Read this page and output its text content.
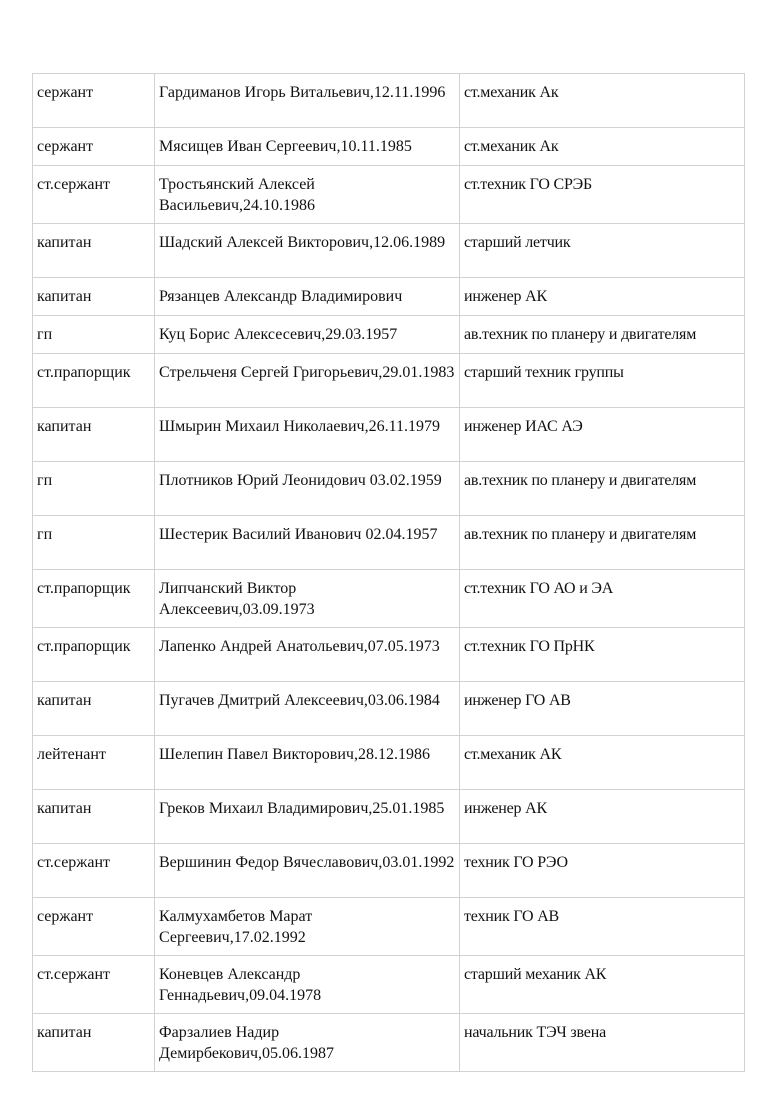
сержант	Гардиманов Игорь Витальевич,12.11.1996	ст.механик Ак
сержант	Мясищев Иван Сергеевич,10.11.1985	ст.механик Ак
ст.сержант	Тростьянский Алексей Васильевич,24.10.1986	ст.техник ГО СРЭБ
капитан	Шадский Алексей Викторович,12.06.1989	старший летчик
капитан	Рязанцев Александр Владимирович	инженер АК
гп	Куц Борис Алексесевич,29.03.1957	ав.техник по планеру и двигателям
ст.прапорщик	Стрельченя Сергей Григорьевич,29.01.1983	старший техник группы
капитан	Шмырин Михаил Николаевич,26.11.1979	инженер ИАС АЭ
гп	Плотников Юрий Леонидович 03.02.1959	ав.техник по планеру и двигателям
гп	Шестерик Василий Иванович 02.04.1957	ав.техник по планеру и двигателям
ст.прапорщик	Липчанский Виктор Алексеевич,03.09.1973	ст.техник ГО АО и ЭА
ст.прапорщик	Лапенко Андрей Анатольевич,07.05.1973	ст.техник ГО ПрНК
капитан	Пугачев Дмитрий Алексеевич,03.06.1984	инженер ГО АВ
лейтенант	Шелепин Павел Викторович,28.12.1986	ст.механик АК
капитан	Греков Михаил Владимирович,25.01.1985	инженер АК
ст.сержант	Вершинин Федор Вячеславович,03.01.1992	техник ГО РЭО
сержант	Калмухамбетов Марат Сергеевич,17.02.1992	техник ГО АВ
ст.сержант	Коневцев Александр Геннадьевич,09.04.1978	старший механик АК
капитан	Фарзалиев Надир Демирбекович,05.06.1987	начальник ТЭЧ звена
